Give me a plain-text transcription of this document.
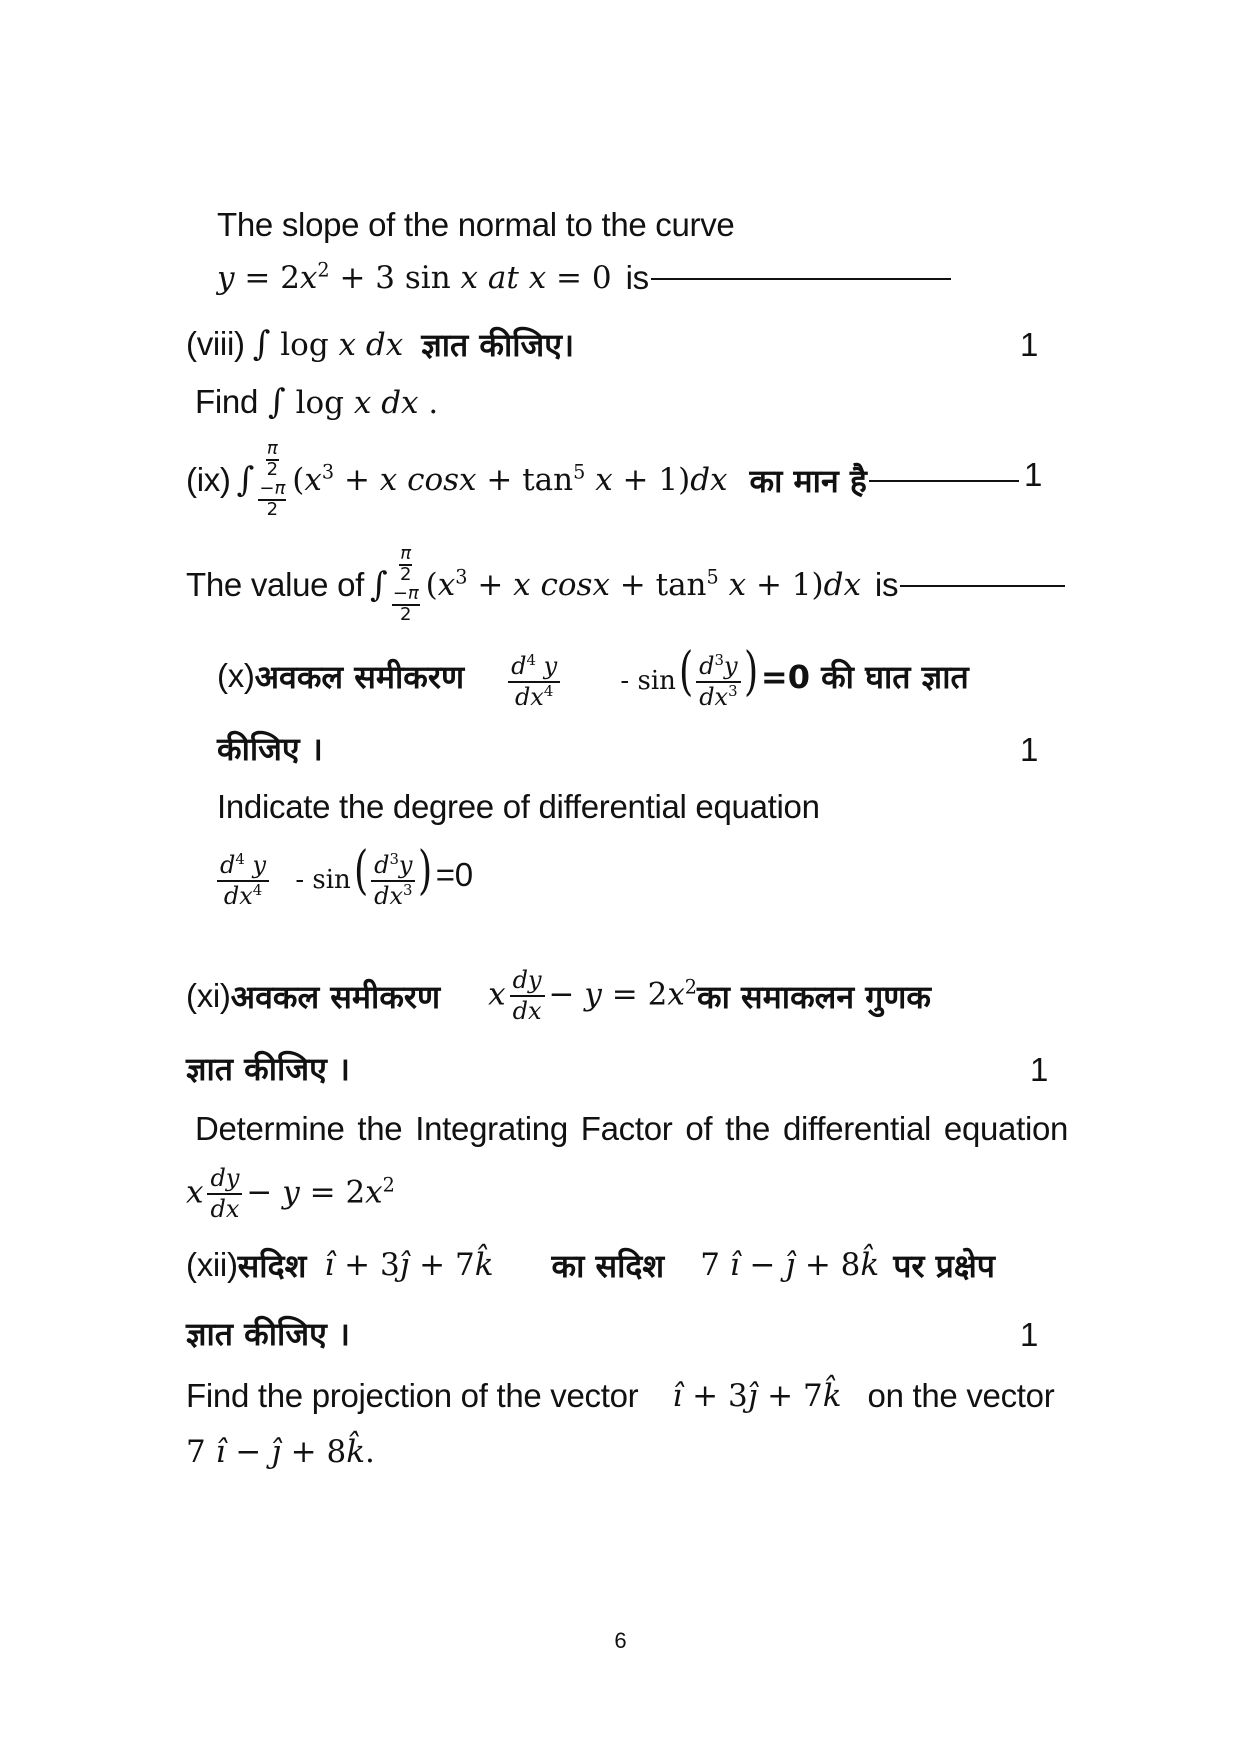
The slope of the normal to the curve
$y = 2x^2 + 3$ sin x at x = 0 is
(viii) ∫ log x dx ज्ञात कीजिए।	1
Find ∫ log x dx .
(ix) ∫ $\frac{\pi}{2}$
$\frac{-\pi}{2} (x^3 + x$ $\cos x + \tan^5 x + 1)dx$ का मान है	1
The value of ∫ $\frac{\pi}{2}$
$\frac{-\pi}{2} (x^3 + x$ $\cos x + \tan^5 x + 1)dx$ is
(x) अवकल समीकरण $\frac{d^4 y}{dx^4} - \sin( \frac{d^3y}{dx^3}$ ) =0 की घात ज्ञात
कीजिए ।	1
Indicate the degree of differential equation
$\frac{d^4 y}{dx^4} - \sin( \frac{d^3y}{dx^3}$ ) =0
(xi) अवकल समीकरण x $\frac{dy}{dx} - y = 2x^2$ का समाकलन गुणक
ज्ञात कीजिए ।	1
Determine the Integrating Factor of the differential equation
x $\frac{dy}{dx} - y = 2x^2$
(xii) सदिश î + 3ĵ + 7k̂ का सदिश 7 î − ĵ + 8k̂ पर प्रक्षेप
ज्ञात कीजिए ।	1
Find the projection of the vector î + 3ĵ + 7k̂ on the vector
7 î − ĵ + 8k̂.
6
